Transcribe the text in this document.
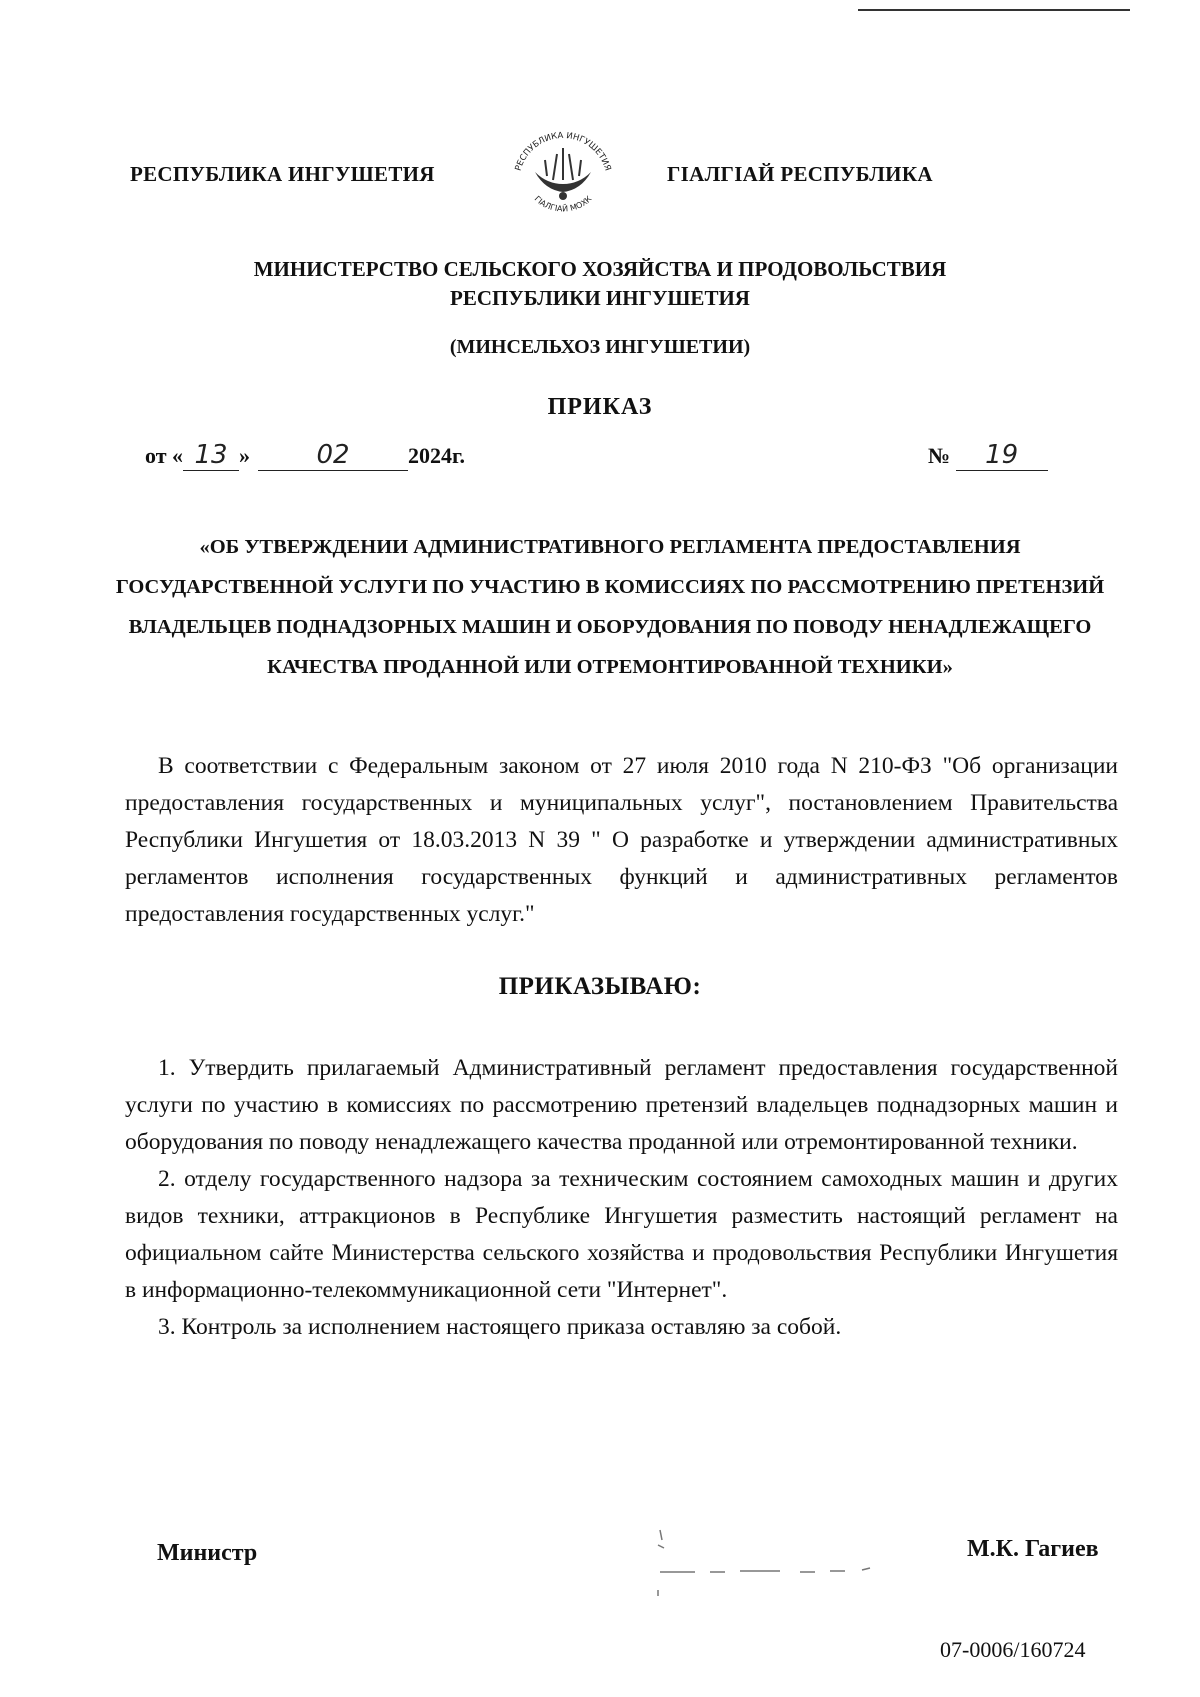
РЕСПУБЛИКА ИНГУШЕТИЯ	РЕСПУБЛИКА ИНГУШЕТИЯ
ГIАЛГIАЙ МОХК
ГIАЛГIАЙ РЕСПУБЛИКА
МИНИСТЕРСТВО СЕЛЬСКОГО ХОЗЯЙСТВА И ПРОДОВОЛЬСТВИЯ
РЕСПУБЛИКИ ИНГУШЕТИЯ
(МИНСЕЛЬХОЗ ИНГУШЕТИИ)
ПРИКАЗ
от « 13 »	02	2024г.	№ 19
«ОБ УТВЕРЖДЕНИИ АДМИНИСТРАТИВНОГО РЕГЛАМЕНТА ПРЕДОСТАВЛЕНИЯ ГОСУДАРСТВЕННОЙ УСЛУГИ ПО УЧАСТИЮ В КОМИССИЯХ ПО РАССМОТРЕНИЮ ПРЕТЕНЗИЙ ВЛАДЕЛЬЦЕВ ПОДНАДЗОРНЫХ МАШИН И ОБОРУДОВАНИЯ ПО ПОВОДУ НЕНАДЛЕЖАЩЕГО КАЧЕСТВА ПРОДАННОЙ ИЛИ ОТРЕМОНТИРОВАННОЙ ТЕХНИКИ»
В соответствии с Федеральным законом от 27 июля 2010 года N 210-ФЗ "Об организации предоставления государственных и муниципальных услуг", постановлением Правительства Республики Ингушетия от 18.03.2013 N 39 " О разработке и утверждении административных регламентов исполнения государственных функций и административных регламентов предоставления государственных услуг."
ПРИКАЗЫВАЮ:

1. Утвердить прилагаемый Административный регламент предоставления государственной услуги по участию в комиссиях по рассмотрению претензий владельцев поднадзорных машин и оборудования по поводу ненадлежащего качества проданной или отремонтированной техники.

2. отделу государственного надзора за техническим состоянием самоходных машин и других видов техники, аттракционов в Республике Ингушетия разместить настоящий регламент на официальном сайте Министерства сельского хозяйства и продовольствия Республики Ингушетия в информационно-телекоммуникационной сети "Интернет".

3. Контроль за исполнением настоящего приказа оставляю за собой.

Министр	М.К. Гагиев
07-0006/160724
